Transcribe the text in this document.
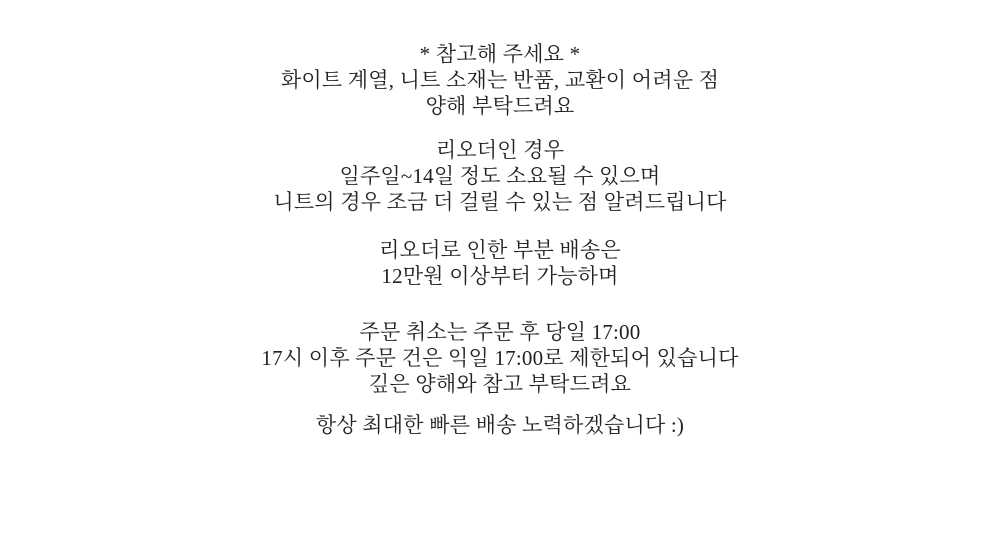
* 참고해 주세요 *
화이트 계열, 니트 소재는 반품, 교환이 어려운 점
양해 부탁드려요

리오더인 경우
일주일~14일 정도 소요될 수 있으며
니트의 경우 조금 더 걸릴 수 있는 점 알려드립니다

리오더로 인한 부분 배송은
12만원 이상부터 가능하며

주문 취소는 주문 후 당일 17:00
17시 이후 주문 건은 익일 17:00로 제한되어 있습니다
깊은 양해와 참고 부탁드려요

항상 최대한 빠른 배송 노력하겠습니다 :)
